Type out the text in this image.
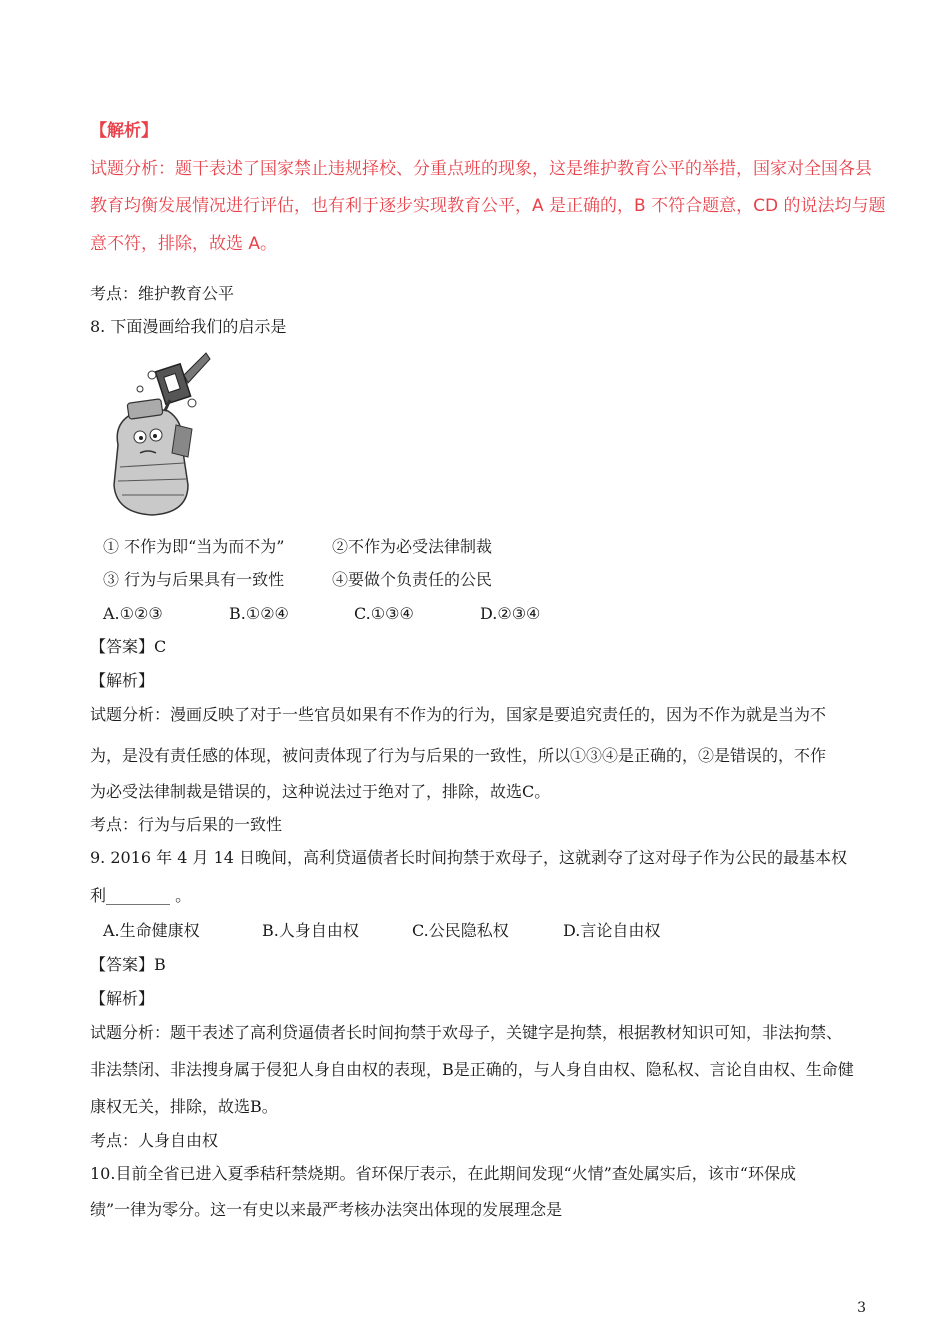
【解析】
试题分析：题干表述了国家禁止违规择校、分重点班的现象，这是维护教育公平的举措，国家对全国各县
教育均衡发展情况进行评估，也有利于逐步实现教育公平，A 是正确的，B 不符合题意，CD 的说法均与题
意不符，排除，故选 A。
考点：维护教育公平
8. 下面漫画给我们的启示是
① 不作为即“当为而不为”	②不作为必受法律制裁
③ 行为与后果具有一致性	④要做个负责任的公民
A.①②③	B.①②④	C.①③④	D.②③④
【答案】C
【解析】
试题分析：漫画反映了对于一些官员如果有不作为的行为，国家是要追究责任的，因为不作为就是当为不
为，是没有责任感的体现，被问责体现了行为与后果的一致性，所以①③④是正确的，②是错误的，不作
为必受法律制裁是错误的，这种说法过于绝对了，排除，故选C。
考点：行为与后果的一致性
9. 2016 年 4 月 14 日晚间，高利贷逼债者长时间拘禁于欢母子，这就剥夺了这对母子作为公民的最基本权
利________ 。
A.生命健康权	B.人身自由权	C.公民隐私权	D.言论自由权
【答案】B
【解析】
试题分析：题干表述了高利贷逼债者长时间拘禁于欢母子，关键字是拘禁，根据教材知识可知，非法拘禁、
非法禁闭、非法搜身属于侵犯人身自由权的表现，B是正确的，与人身自由权、隐私权、言论自由权、生命健
康权无关，排除，故选B。
考点：人身自由权
10.目前全省已进入夏季秸秆禁烧期。省环保厅表示，在此期间发现“火情”查处属实后，该市“环保成
绩”一律为零分。这一有史以来最严考核办法突出体现的发展理念是
3
